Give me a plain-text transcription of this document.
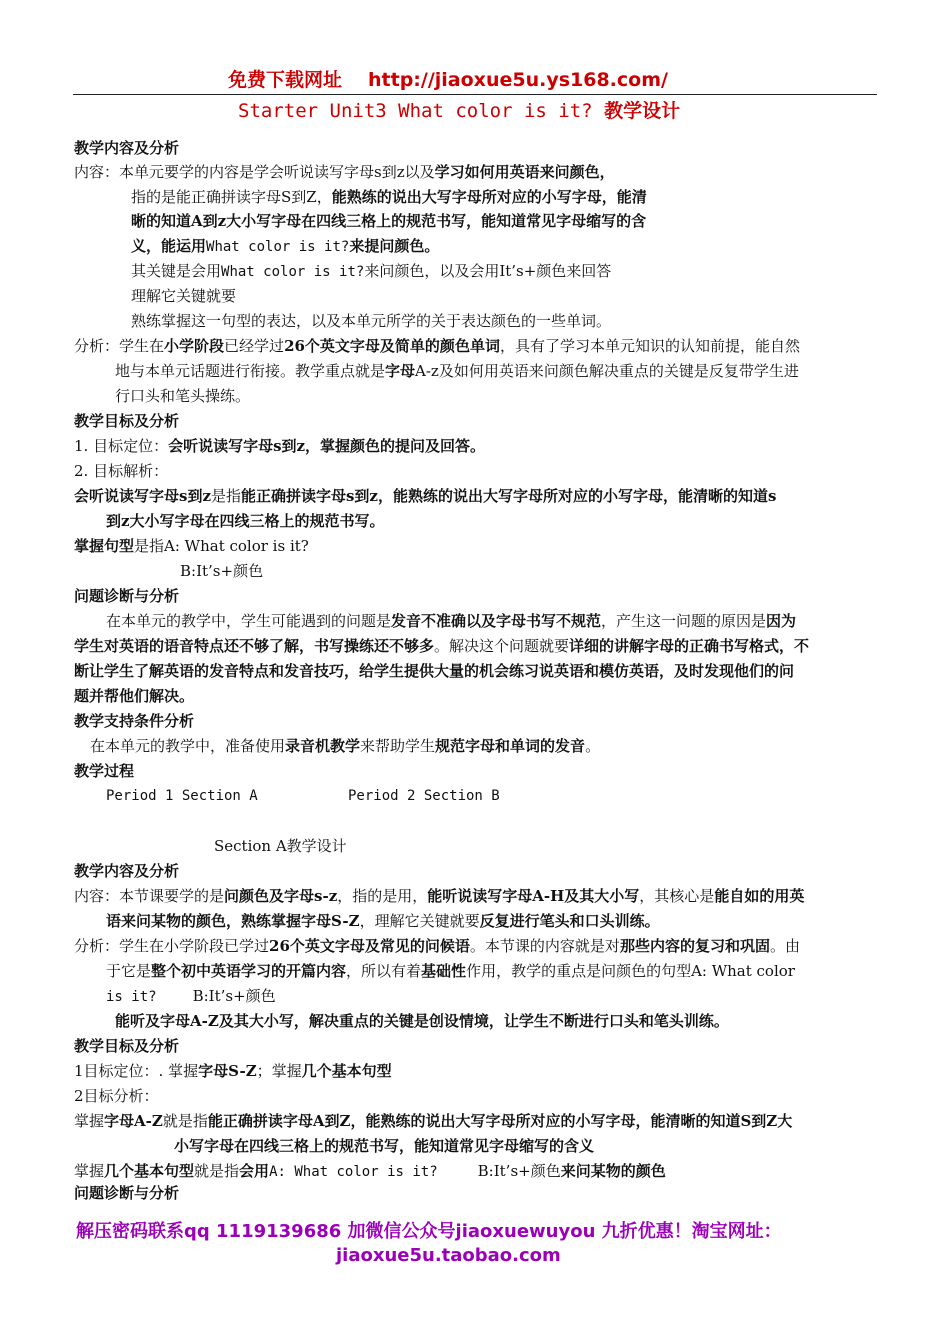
免费下载网址 http://jiaoxue5u.ys168.com/
Starter Unit3 What color is it? 教学设计
教学内容及分析
内容：本单元要学的内容是学会听说读写字母s到z以及学习如何用英语来问颜色，
指的是能正确拼读字母S到Z，能熟练的说出大写字母所对应的小写字母，能清
晰的知道A到z大小写字母在四线三格上的规范书写，能知道常见字母缩写的含
义，能运用What color is it?来提问颜色。
其关键是会用What color is it?来问颜色，以及会用It’s+颜色来回答
理解它关键就要
熟练掌握这一句型的表达，以及本单元所学的关于表达颜色的一些单词。
分析：学生在小学阶段已经学过26个英文字母及简单的颜色单词，具有了学习本单元知识的认知前提，能自然
地与本单元话题进行衔接。教学重点就是字母A-z及如何用英语来问颜色解决重点的关键是反复带学生进
行口头和笔头操练。
教学目标及分析
1. 目标定位：会听说读写字母s到z，掌握颜色的提问及回答。
2. 目标解析：
会听说读写字母s到z是指能正确拼读字母s到z，能熟练的说出大写字母所对应的小写字母，能清晰的知道s
到z大小写字母在四线三格上的规范书写。
掌握句型是指A: What color is it?
B:It’s+颜色
问题诊断与分析
在本单元的教学中，学生可能遇到的问题是发音不准确以及字母书写不规范，产生这一问题的原因是因为
学生对英语的语音特点还不够了解，书写操练还不够多。解决这个问题就要详细的讲解字母的正确书写格式，不
断让学生了解英语的发音特点和发音技巧，给学生提供大量的机会练习说英语和模仿英语，及时发现他们的问
题并帮他们解决。
教学支持条件分析
在本单元的教学中，准备使用录音机教学来帮助学生规范字母和单词的发音。
教学过程
Period 1 Section A	Period 2 Section B
Section A教学设计
教学内容及分析
内容：本节课要学的是问颜色及字母s-z，指的是用，能听说读写字母A-H及其大小写，其核心是能自如的用英
语来问某物的颜色，熟练掌握字母S-Z，理解它关键就要反复进行笔头和口头训练。
分析：学生在小学阶段已学过26个英文字母及常见的问候语。本节课的内容就是对那些内容的复习和巩固。由
于它是整个初中英语学习的开篇内容，所以有着基础性作用，教学的重点是问颜色的句型A: What color
is it? B:It’s+颜色
能听及字母A-Z及其大小写，解决重点的关键是创设情境，让学生不断进行口头和笔头训练。
教学目标及分析
1目标定位：. 掌握字母S-Z；掌握几个基本句型
2目标分析：
掌握字母A-Z就是指能正确拼读字母A到Z，能熟练的说出大写字母所对应的小写字母，能清晰的知道S到Z大
小写字母在四线三格上的规范书写，能知道常见字母缩写的含义
掌握几个基本句型就是指会用A: What color is it?	B:It’s+颜色来问某物的颜色
问题诊断与分析
解压密码联系qq 1119139686 加微信公众号jiaoxuewuyou 九折优惠！淘宝网址：
jiaoxue5u.taobao.com
